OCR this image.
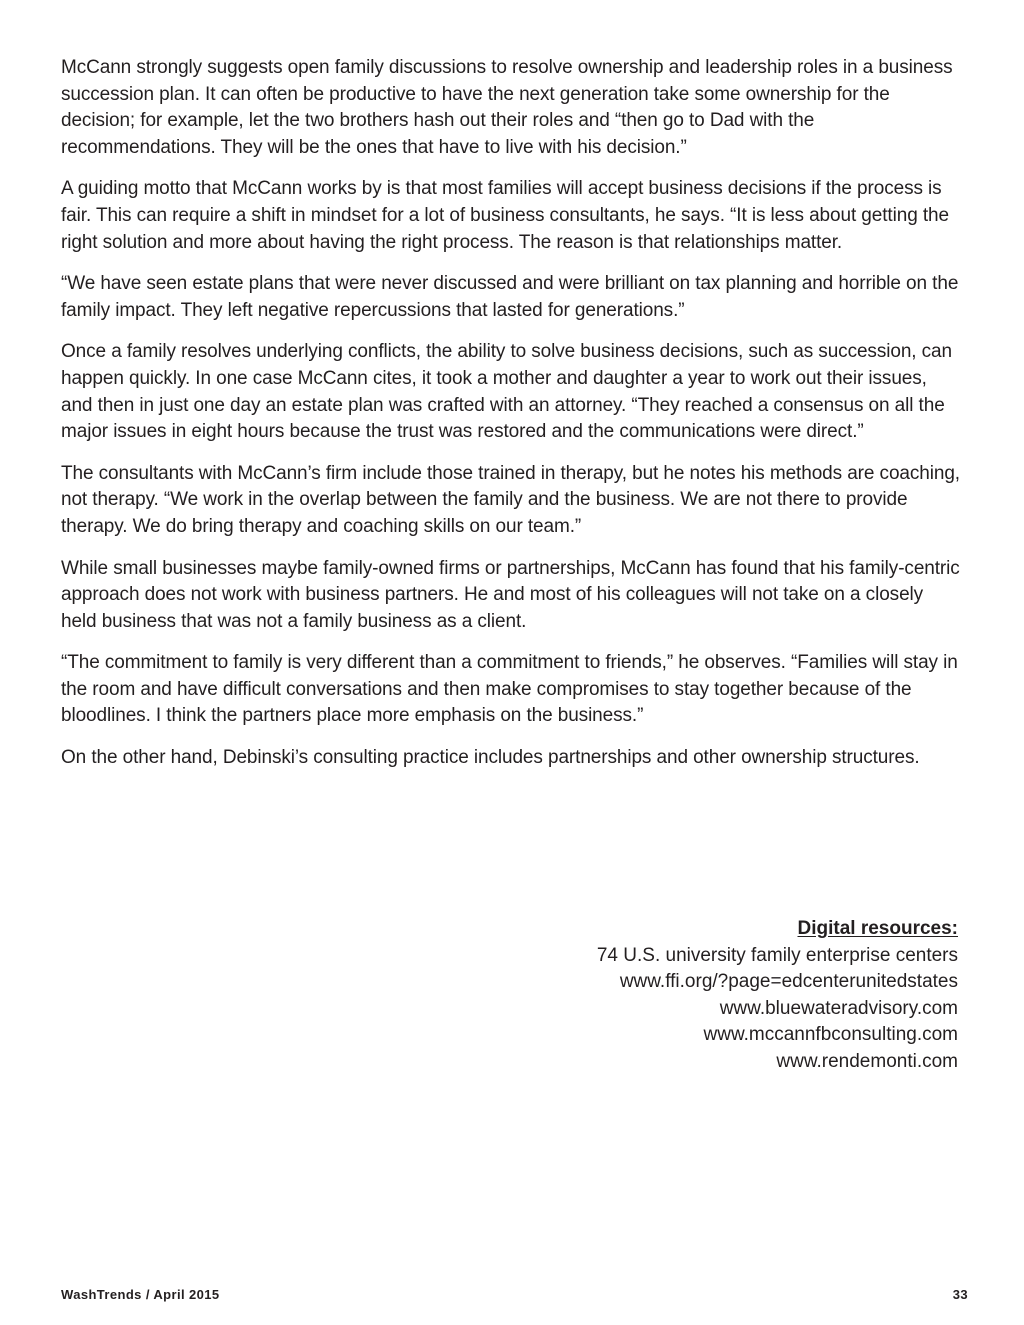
McCann strongly suggests open family discussions to resolve ownership and leadership roles in a business succession plan. It can often be productive to have the next generation take some ownership for the decision; for example, let the two brothers hash out their roles and “then go to Dad with the recommendations. They will be the ones that have to live with his decision.”

A guiding motto that McCann works by is that most families will accept business decisions if the process is fair. This can require a shift in mindset for a lot of business consultants, he says. “It is less about getting the right solution and more about having the right process. The reason is that relationships matter.

“We have seen estate plans that were never discussed and were brilliant on tax planning and horrible on the family impact. They left negative repercussions that lasted for generations.”

Once a family resolves underlying conflicts, the ability to solve business decisions, such as succession, can happen quickly. In one case McCann cites, it took a mother and daughter a year to work out their issues, and then in just one day an estate plan was crafted with an attorney. “They reached a consensus on all the major issues in eight hours because the trust was restored and the communications were direct.”

The consultants with McCann’s firm include those trained in therapy, but he notes his methods are coaching, not therapy. “We work in the overlap between the family and the business. We are not there to provide therapy. We do bring therapy and coaching skills on our team.”

While small businesses maybe family-owned firms or partnerships, McCann has found that his family-centric approach does not work with business partners. He and most of his colleagues will not take on a closely held business that was not a family business as a client.

“The commitment to family is very different than a commitment to friends,” he observes. “Families will stay in the room and have difficult conversations and then make compromises to stay together because of the bloodlines. I think the partners place more emphasis on the business.”

On the other hand, Debinski’s consulting practice includes partnerships and other ownership structures.

Digital resources:
74 U.S. university family enterprise centers
www.ffi.org/?page=edcenterunitedstates
www.bluewateradvisory.com
www.mccannfbconsulting.com
www.rendemonti.com
WashTrends / April 2015	33
